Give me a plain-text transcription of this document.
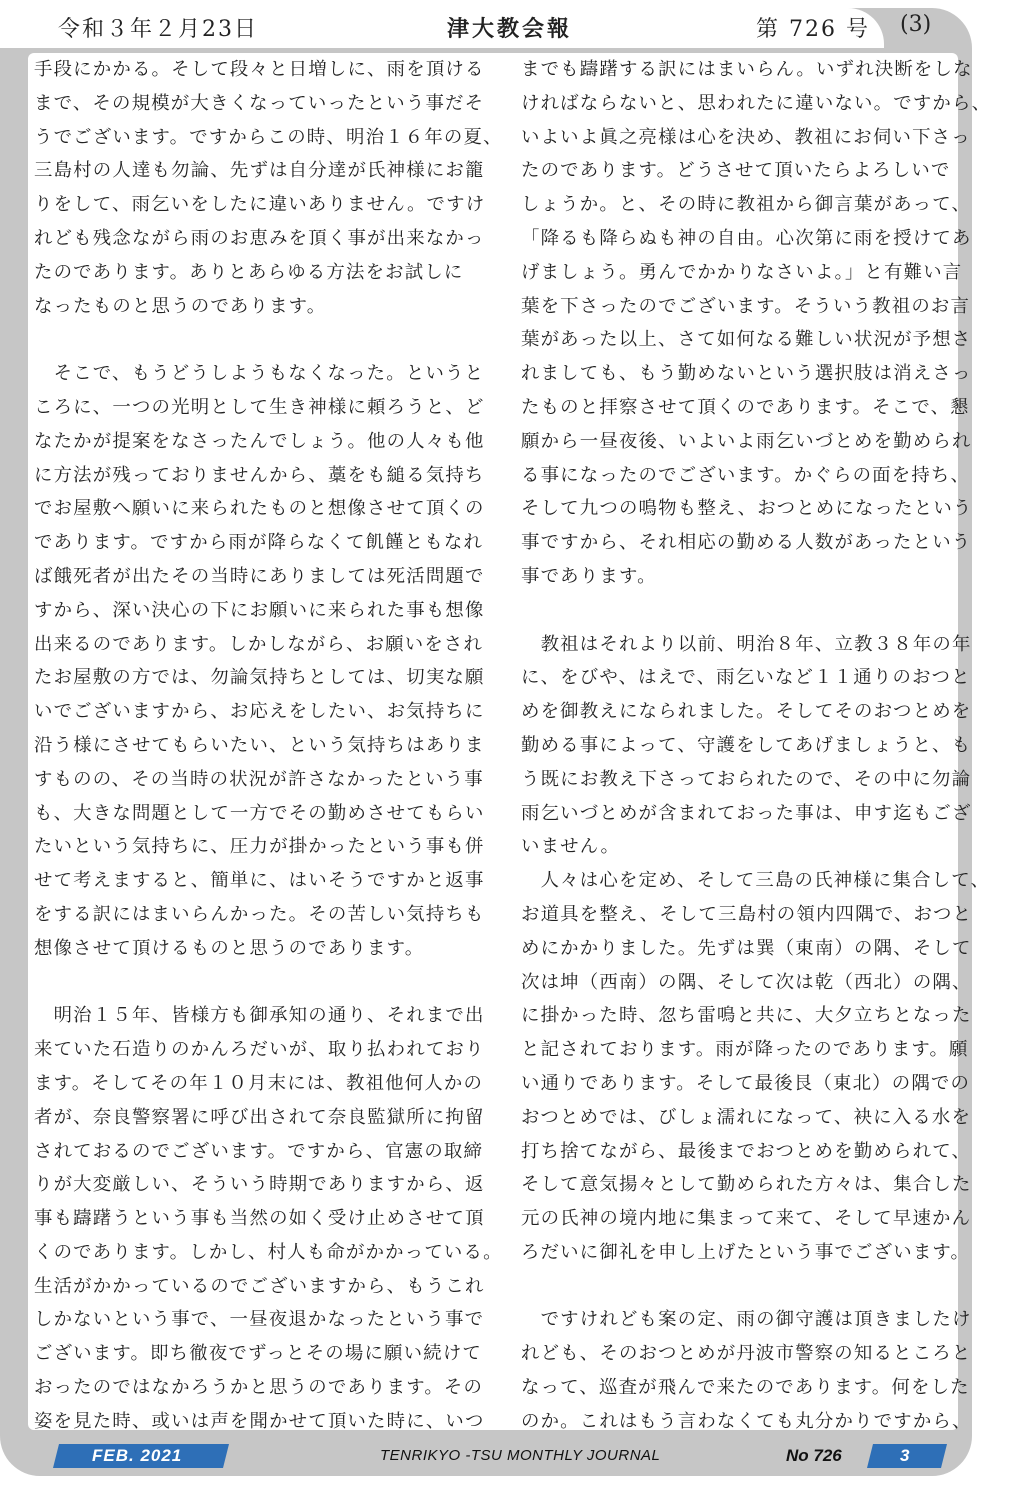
令和３年２月23日	津大教会報	第 726 号 (3)
手段にかかる。そして段々と日増しに、雨を頂ける
まで、その規模が大きくなっていったという事だそ
うでございます。ですからこの時、明治１６年の夏、
三島村の人達も勿論、先ずは自分達が氏神様にお籠
りをして、雨乞いをしたに違いありません。ですけ
れども残念ながら雨のお恵みを頂く事が出来なかっ
たのであります。ありとあらゆる方法をお試しに
なったものと思うのであります。
　そこで、もうどうしようもなくなった。というと
ころに、一つの光明として生き神様に頼ろうと、ど
なたかが提案をなさったんでしょう。他の人々も他
に方法が残っておりませんから、藁をも縋る気持ち
でお屋敷へ願いに来られたものと想像させて頂くの
であります。ですから雨が降らなくて飢饉ともなれ
ば餓死者が出たその当時にありましては死活問題で
すから、深い決心の下にお願いに来られた事も想像
出来るのであります。しかしながら、お願いをされ
たお屋敷の方では、勿論気持ちとしては、切実な願
いでございますから、お応えをしたい、お気持ちに
沿う様にさせてもらいたい、という気持ちはありま
すものの、その当時の状況が許さなかったという事
も、大きな問題として一方でその勤めさせてもらい
たいという気持ちに、圧力が掛かったという事も併
せて考えますると、簡単に、はいそうですかと返事
をする訳にはまいらんかった。その苦しい気持ちも
想像させて頂けるものと思うのであります。
　明治１５年、皆様方も御承知の通り、それまで出
来ていた石造りのかんろだいが、取り払われており
ます。そしてその年１０月末には、教祖他何人かの
者が、奈良警察署に呼び出されて奈良監獄所に拘留
されておるのでございます。ですから、官憲の取締
りが大変厳しい、そういう時期でありますから、返
事も躊躇うという事も当然の如く受け止めさせて頂
くのであります。しかし、村人も命がかかっている。
生活がかかっているのでございますから、もうこれ
しかないという事で、一昼夜退かなったという事で
ございます。即ち徹夜でずっとその場に願い続けて
おったのではなかろうかと思うのであります。その
姿を見た時、或いは声を聞かせて頂いた時に、いつ
までも躊躇する訳にはまいらん。いずれ決断をしな
ければならないと、思われたに違いない。ですから、
いよいよ眞之亮様は心を決め、教祖にお伺い下さっ
たのであります。どうさせて頂いたらよろしいで
しょうか。と、その時に教祖から御言葉があって、
「降るも降らぬも神の自由。心次第に雨を授けてあ
げましょう。勇んでかかりなさいよ。」と有難い言
葉を下さったのでございます。そういう教祖のお言
葉があった以上、さて如何なる難しい状況が予想さ
れましても、もう勤めないという選択肢は消えさっ
たものと拝察させて頂くのであります。そこで、懇
願から一昼夜後、いよいよ雨乞いづとめを勤められ
る事になったのでございます。かぐらの面を持ち、
そして九つの鳴物も整え、おつとめになったという
事ですから、それ相応の勤める人数があったという
事であります。
　教祖はそれより以前、明治８年、立教３８年の年
に、をびや、はえで、雨乞いなど１１通りのおつと
めを御教えになられました。そしてそのおつとめを
勤める事によって、守護をしてあげましょうと、も
う既にお教え下さっておられたので、その中に勿論
雨乞いづとめが含まれておった事は、申す迄もござ
いません。
　人々は心を定め、そして三島の氏神様に集合して、
お道具を整え、そして三島村の領内四隅で、おつと
めにかかりました。先ずは巽（東南）の隅、そして
次は坤（西南）の隅、そして次は乾（西北）の隅、
に掛かった時、忽ち雷鳴と共に、大夕立ちとなった
と記されております。雨が降ったのであります。願
い通りであります。そして最後艮（東北）の隅での
おつとめでは、びしょ濡れになって、袂に入る水を
打ち捨てながら、最後までおつとめを勤められて、
そして意気揚々として勤められた方々は、集合した
元の氏神の境内地に集まって来て、そして早速かん
ろだいに御礼を申し上げたという事でございます。
　ですけれども案の定、雨の御守護は頂きましたけ
れども、そのおつとめが丹波市警察の知るところと
なって、巡査が飛んで来たのであります。何をした
のか。これはもう言わなくても丸分かりですから、
FEB. 2021	TENRIKYO -TSU MONTHLY JOURNAL	No 726	3
